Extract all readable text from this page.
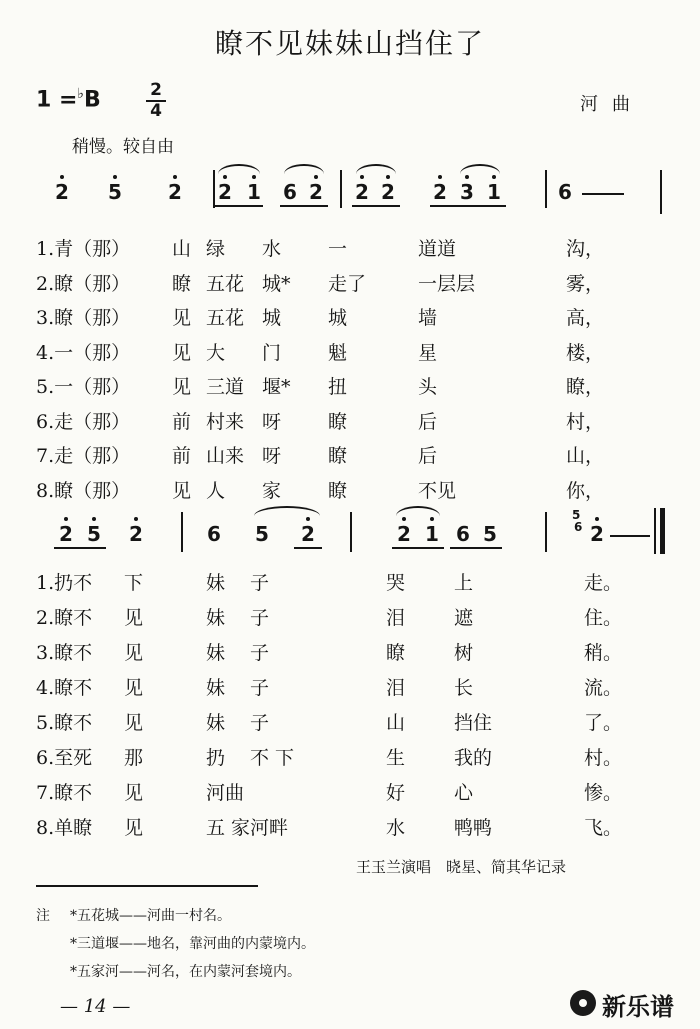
瞭不见妹妹山挡住了
1 =♭B	2
4	河曲
稍慢。较自由
2 5 2 2 1 6 2 2 2 2 3 1	6
2 5 2	6 5 2	2 1 6 5	2
5
6
1.青（那） 山 绿 水 一	道道	沟，
2.瞭（那） 瞭 五花 城* 走了	一层层	雾，
3.瞭（那） 见 五花 城 城	墙	高，
4.一（那） 见 大 门 魁	星	楼，
5.一（那） 见 三道 堰* 扭	头	瞭，
6.走（那） 前 村来 呀 瞭	后	村，
7.走（那） 前 山来 呀 瞭	后	山，
8.瞭（那） 见 人 家 瞭	不见	你，
1.扔不 下	妹 子	哭	上	走。
2.瞭不 见	妹 子	泪	遮	住。
3.瞭不 见	妹 子	瞭	树	稍。
4.瞭不 见	妹 子	泪	长	流。
5.瞭不 见	妹 子	山	挡住	了。
6.至死 那	扔 不 下	生	我的	村。
7.瞭不 见	河曲	好	心	惨。
8.单瞭 见	五 家 河畔	水	鸭鸭	飞。
王玉兰演唱　晓星、简其华记录
注 *五花城——河曲一村名。
*三道堰——地名，靠河曲的内蒙境内。
*五家河——河名，在内蒙河套境内。
— 14 —	新乐谱
